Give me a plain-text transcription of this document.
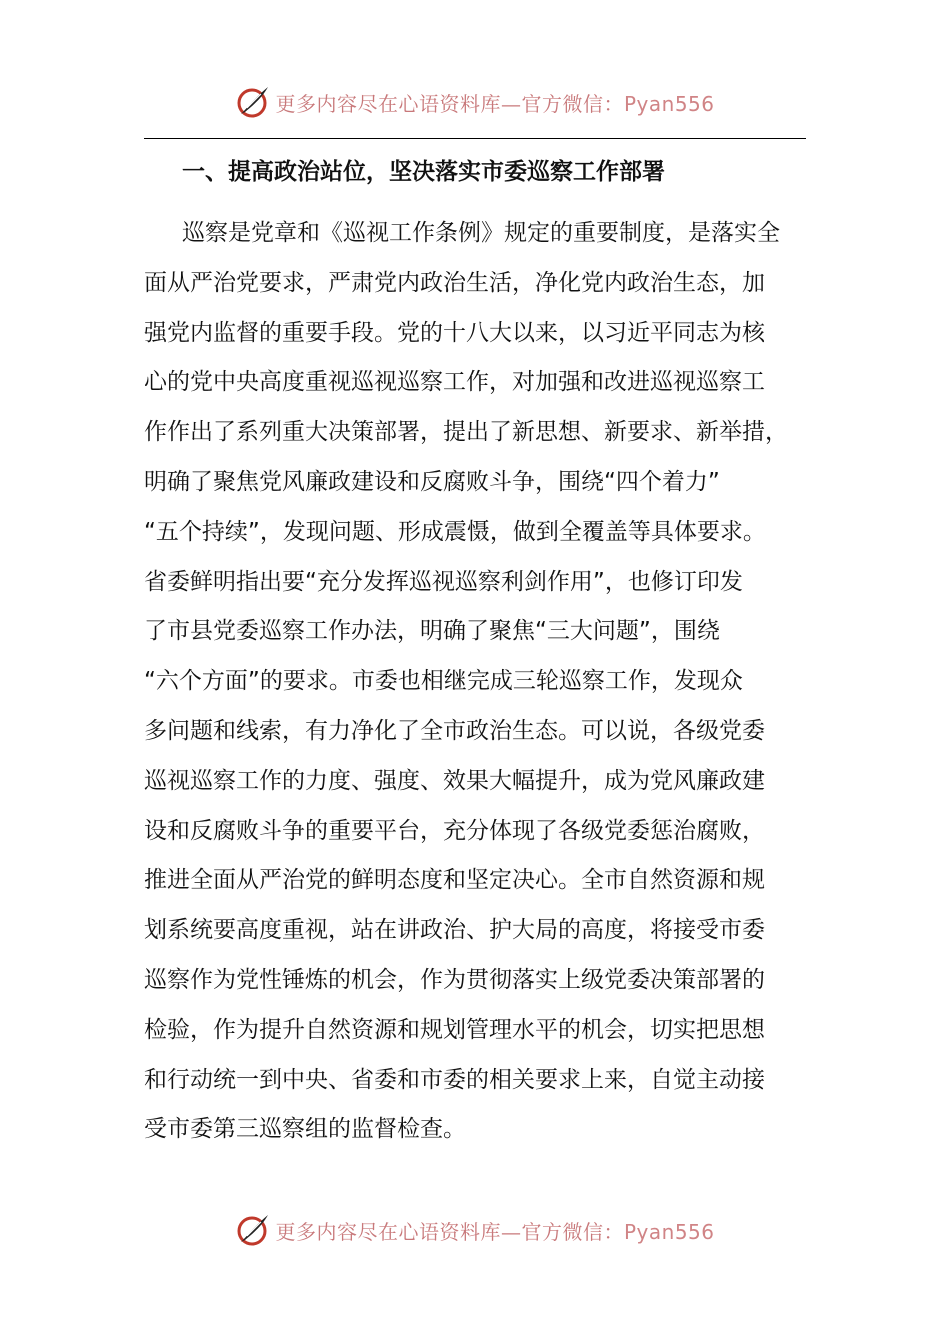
更多内容尽在心语资料库—官方微信：Pyan556
一、提高政治站位，坚决落实市委巡察工作部署
巡察是党章和《巡视工作条例》规定的重要制度，是落实全
面从严治党要求，严肃党内政治生活，净化党内政治生态，加
强党内监督的重要手段。党的十八大以来，以习近平同志为核
心的党中央高度重视巡视巡察工作，对加强和改进巡视巡察工
作作出了系列重大决策部署，提出了新思想、新要求、新举措，
明确了聚焦党风廉政建设和反腐败斗争，围绕“四个着力”
“五个持续”，发现问题、形成震慑，做到全覆盖等具体要求。
省委鲜明指出要“充分发挥巡视巡察利剑作用”，也修订印发
了市县党委巡察工作办法，明确了聚焦“三大问题”，围绕
“六个方面”的要求。市委也相继完成三轮巡察工作，发现众
多问题和线索，有力净化了全市政治生态。可以说，各级党委
巡视巡察工作的力度、强度、效果大幅提升，成为党风廉政建
设和反腐败斗争的重要平台，充分体现了各级党委惩治腐败，
推进全面从严治党的鲜明态度和坚定决心。全市自然资源和规
划系统要高度重视，站在讲政治、护大局的高度，将接受市委
巡察作为党性锤炼的机会，作为贯彻落实上级党委决策部署的
检验，作为提升自然资源和规划管理水平的机会，切实把思想
和行动统一到中央、省委和市委的相关要求上来，自觉主动接
受市委第三巡察组的监督检查。
更多内容尽在心语资料库—官方微信：Pyan556
